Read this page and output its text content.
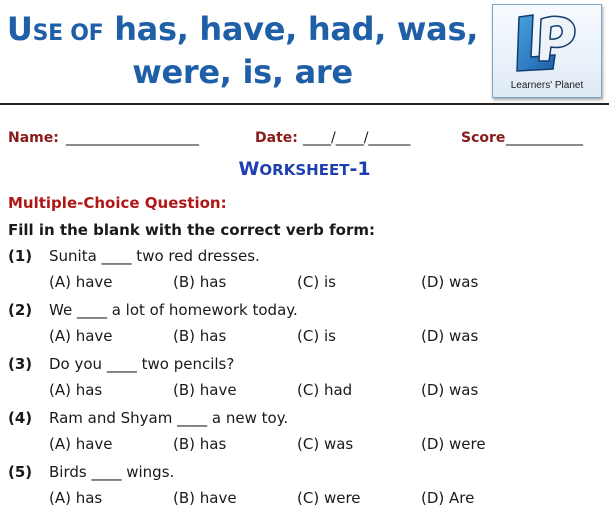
USE OF has, have, had, was,
were, is, are	Learners' Planet
Name: ___________________	Date: ____/____/______	Score ___________
WORKSHEET-1
Multiple-Choice Question:
Fill in the blank with the correct verb form:
(1) Sunita ____ two red dresses.
(A) have	(B) has	(C) is	(D) was
(2) We ____ a lot of homework today.
(A) have	(B) has	(C) is	(D) was
(3) Do you ____ two pencils?
(A) has	(B) have	(C) had	(D) was
(4) Ram and Shyam ____ a new toy.
(A) have	(B) has	(C) was	(D) were
(5) Birds ____ wings.
(A) has	(B) have	(C) were	(D) Are
